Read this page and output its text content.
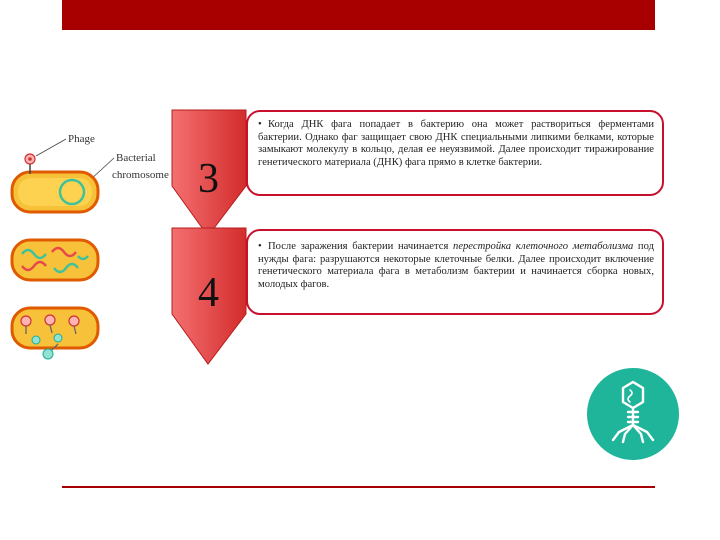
Phage
Bacterial
chromosome 3
4
• Когда ДНК фага попадает в бактерию она может раствориться ферментами бактерии. Однако фаг защищает свою ДНК специальными липкими белками, которые замыкают молекулу в кольцо, делая ее неуязвимой. Далее происходит тиражирование генетического материала (ДНК) фага прямо в клетке бактерии.
• После заражения бактерии начинается перестройка клеточного метаболизма под нужды фага: разрушаются некоторые клеточные белки. Далее происходит включение генетического материала фага в метаболизм бактерии и начинается сборка новых, молодых фагов.
